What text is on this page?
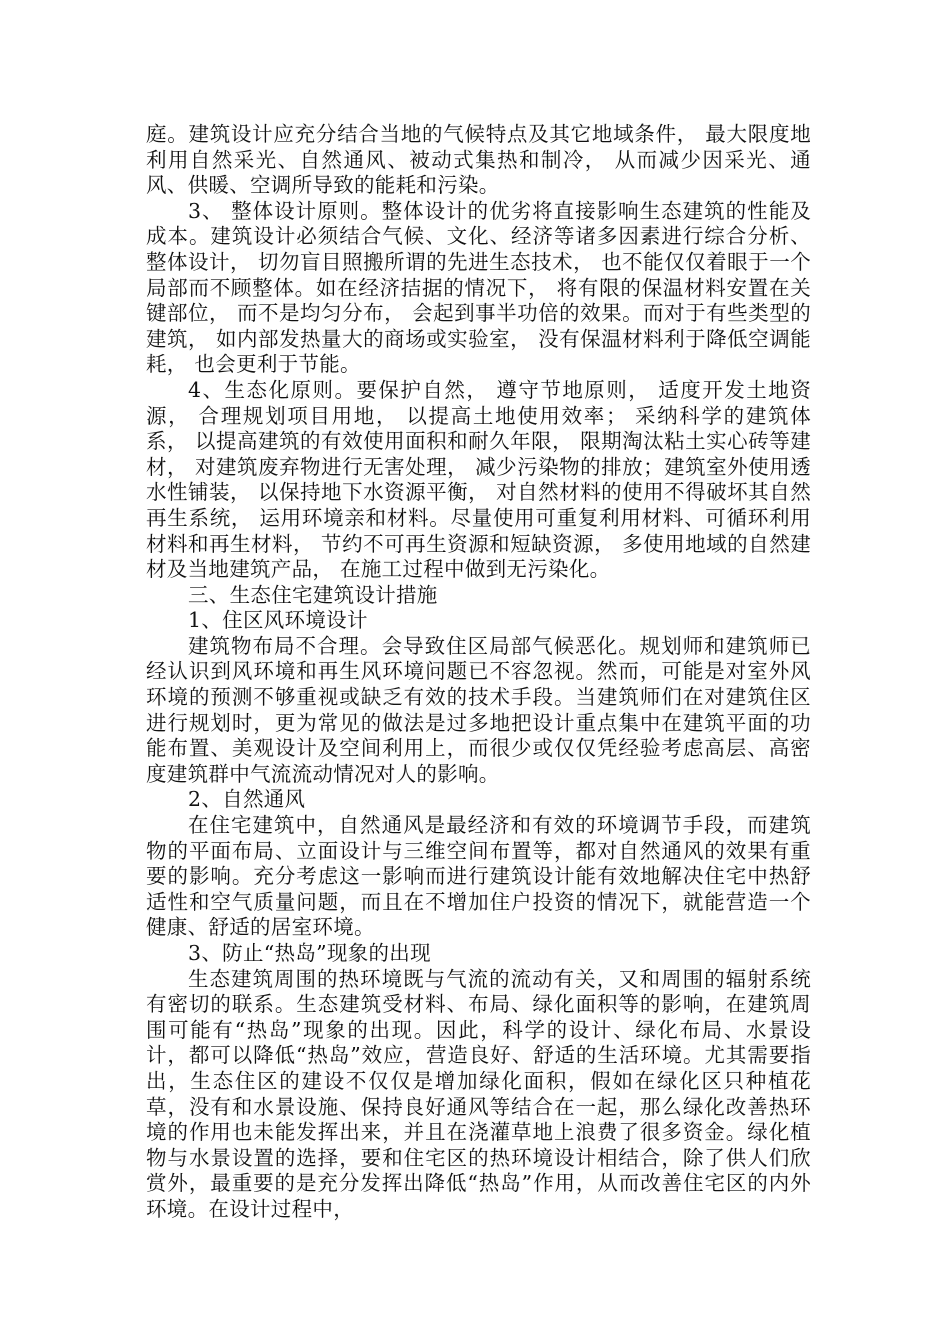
庭。建筑设计应充分结合当地的气候特点及其它地域条件， 最大限度地利用自然采光、自然通风、被动式集热和制冷， 从而减少因采光、通风、供暖、空调所导致的能耗和污染。

3、 整体设计原则。整体设计的优劣将直接影响生态建筑的性能及成本。建筑设计必须结合气候、文化、经济等诸多因素进行综合分析、整体设计， 切勿盲目照搬所谓的先进生态技术， 也不能仅仅着眼于一个局部而不顾整体。如在经济拮据的情况下， 将有限的保温材料安置在关键部位， 而不是均匀分布， 会起到事半功倍的效果。而对于有些类型的建筑， 如内部发热量大的商场或实验室， 没有保温材料利于降低空调能耗， 也会更利于节能。

4、生态化原则。要保护自然， 遵守节地原则， 适度开发土地资源， 合理规划项目用地， 以提高土地使用效率； 采纳科学的建筑体系， 以提高建筑的有效使用面积和耐久年限， 限期淘汰粘土实心砖等建材， 对建筑废弃物进行无害处理， 减少污染物的排放；建筑室外使用透水性铺装， 以保持地下水资源平衡， 对自然材料的使用不得破坏其自然再生系统， 运用环境亲和材料。尽量使用可重复利用材料、可循环利用材料和再生材料， 节约不可再生资源和短缺资源， 多使用地域的自然建材及当地建筑产品， 在施工过程中做到无污染化。

三、生态住宅建筑设计措施

1、住区风环境设计

建筑物布局不合理。会导致住区局部气候恶化。规划师和建筑师已经认识到风环境和再生风环境问题已不容忽视。然而，可能是对室外风环境的预测不够重视或缺乏有效的技术手段。当建筑师们在对建筑住区进行规划时，更为常见的做法是过多地把设计重点集中在建筑平面的功能布置、美观设计及空间利用上，而很少或仅仅凭经验考虑高层、高密度建筑群中气流流动情况对人的影响。

2、自然通风

在住宅建筑中，自然通风是最经济和有效的环境调节手段，而建筑物的平面布局、立面设计与三维空间布置等，都对自然通风的效果有重要的影响。充分考虑这一影响而进行建筑设计能有效地解决住宅中热舒适性和空气质量问题，而且在不增加住户投资的情况下，就能营造一个健康、舒适的居室环境。

3、防止“热岛”现象的出现

生态建筑周围的热环境既与气流的流动有关，又和周围的辐射系统有密切的联系。生态建筑受材料、布局、绿化面积等的影响，在建筑周围可能有“热岛”现象的出现。因此，科学的设计、绿化布局、水景设计，都可以降低“热岛”效应，营造良好、舒适的生活环境。尤其需要指出，生态住区的建设不仅仅是增加绿化面积，假如在绿化区只种植花草，没有和水景设施、保持良好通风等结合在一起，那么绿化改善热环境的作用也未能发挥出来，并且在浇灌草地上浪费了很多资金。绿化植物与水景设置的选择，要和住宅区的热环境设计相结合，除了供人们欣赏外，最重要的是充分发挥出降低“热岛”作用，从而改善住宅区的内外环境。在设计过程中，
